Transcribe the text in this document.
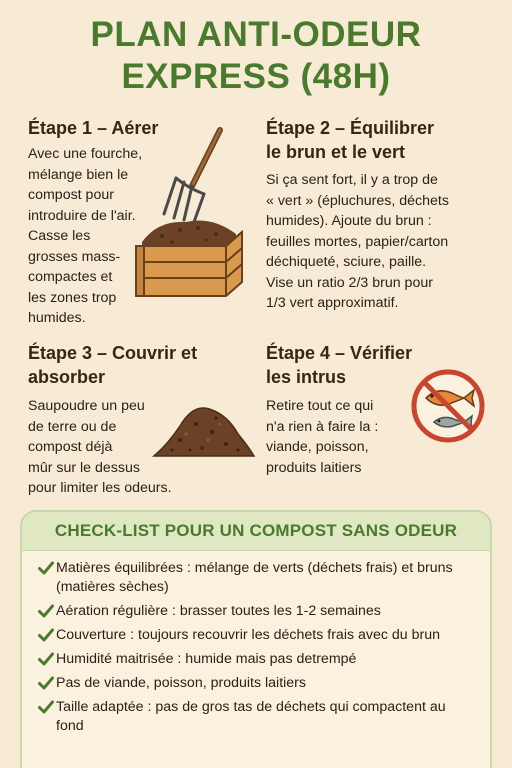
PLAN ANTI-ODEUR
EXPRESS (48H)
Étape 1 – Aérer
Avec une fourche,
mélange bien le
compost pour
introduire de l'air.
Casse les
grosses mass-
compactes et
les zones trop
humides.
Étape 2 – Équilibrer
le brun et le vert
Si ça sent fort, il y a trop de
« vert » (épluchures, déchets
humides). Ajoute du brun :
feuilles mortes, papier/carton
déchiqueté, sciure, paille.
Vise un ratio 2/3 brun pour
1/3 vert approximatif.
Étape 3 – Couvrir et
absorber
Saupoudre un peu
de terre ou de
compost déjà
mûr sur le dessus
pour limiter les odeurs.
Étape 4 – Vérifier
les intrus
Retire tout ce qui
n'a rien à faire la :
viande, poisson,
produits laitiers
CHECK-LIST POUR UN COMPOST SANS ODEUR
Matières équilibrées : mélange de verts (déchets frais) et bruns (matières sèches)
Aération régulière : brasser toutes les 1-2 semaines
Couverture : toujours recouvrir les déchets frais avec du brun
Humidité maitrisée : humide mais pas detrempé
Pas de viande, poisson, produits laitiers
Taille adaptée : pas de gros tas de déchets qui compactent au fond
